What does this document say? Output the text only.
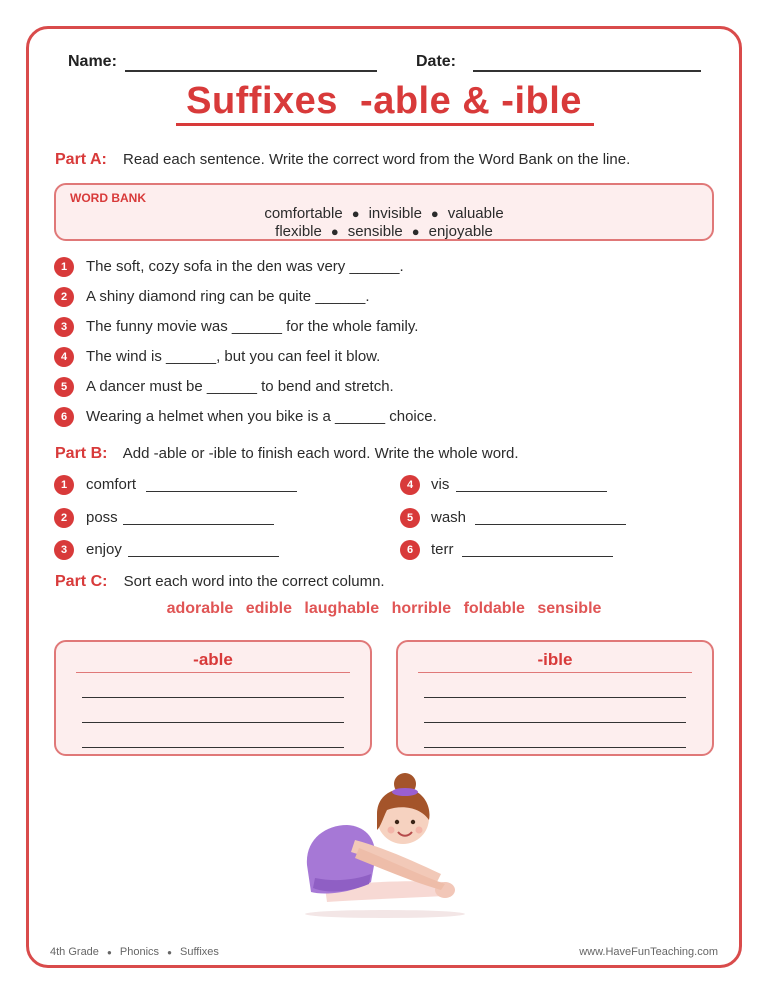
Name:	Date:
Suffixes  -able & -ible
Part A: Read each sentence. Write the correct word from the Word Bank on the line.
WORD BANK
comfortable ● invisible ● valuable
flexible ● sensible ● enjoyable
1	The soft, cozy sofa in the den was very ______.
2	A shiny diamond ring can be quite ______.
3	The funny movie was ______ for the whole family.
4	The wind is ______, but you can feel it blow.
5	A dancer must be ______ to bend and stretch.
6	Wearing a helmet when you bike is a ______ choice.
Part B: Add -able or -ible to finish each word. Write the whole word.
1	comfort
2	poss
3	enjoy
4	vis
5	wash
6	terr
Part C: Sort each word into the correct column.
adorable edible laughable horrible foldable sensible
-able	-ible
4th Grade ● Phonics ● Suffixes	www.HaveFunTeaching.com
